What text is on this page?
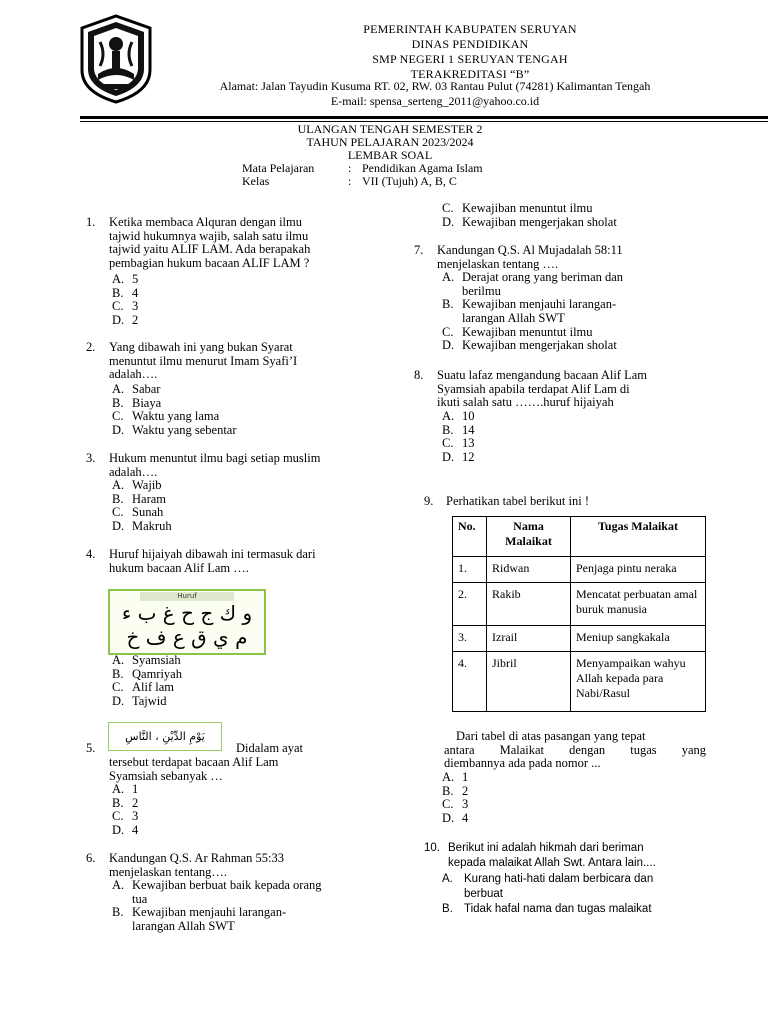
PEMERINTAH KABUPATEN SERUYAN
DINAS PENDIDIKAN
SMP NEGERI 1 SERUYAN TENGAH
TERAKREDITASI “B”
Alamat: Jalan Tayudin Kusuma RT. 02, RW. 03 Rantau Pulut (74281) Kalimantan Tengah
E-mail: spensa_serteng_2011@yahoo.co.id
ULANGAN TENGAH SEMESTER 2
TAHUN PELAJARAN 2023/2024
LEMBAR SOAL
Mata Pelajaran	: Pendidikan Agama Islam
Kelas	: VII (Tujuh) A, B, C
1. Ketika membaca Alquran dengan ilmu
tajwid hukumnya wajib, salah satu ilmu
tajwid yaitu ALIF LAM. Ada berapakah
pembagian hukum bacaan ALIF LAM ?
A. 5
B. 4
C. 3
D. 2
2. Yang dibawah ini yang bukan Syarat
menuntut ilmu menurut Imam Syafi’I
adalah….
A. Sabar
B. Biaya
C. Waktu yang lama
D. Waktu yang sebentar
3. Hukum menuntut ilmu bagi setiap muslim
adalah….
A. Wajib
B. Haram
C. Sunah
D. Makruh
4. Huruf hijaiyah dibawah ini termasuk dari
hukum bacaan Alif Lam ….
Huruf
و ك ج ح غ ب ء
م ي ق ع ف خ
A. Syamsiah
B. Qamriyah
C. Alif lam
D. Tajwid
5.
يَوْمِ الدِّيْنِ ، النَّاسِ
Didalam ayat
tersebut terdapat bacaan Alif Lam
Syamsiah sebanyak …
A. 1
B. 2
C. 3
D. 4
6. Kandungan Q.S. Ar Rahman 55:33
menjelaskan tentang….
A. Kewajiban berbuat baik kepada orang
tua
B. Kewajiban menjauhi larangan-
larangan Allah SWT
C. Kewajiban menuntut ilmu
D. Kewajiban mengerjakan sholat
7. Kandungan Q.S. Al Mujadalah 58:11
menjelaskan tentang ….
A. Derajat orang yang beriman dan
berilmu
B. Kewajiban menjauhi larangan-
larangan Allah SWT
C. Kewajiban menuntut ilmu
D. Kewajiban mengerjakan sholat
8. Suatu lafaz mengandung bacaan Alif Lam
Syamsiah apabila terdapat Alif Lam di
ikuti salah satu …….huruf hijaiyah
A. 10
B. 14
C. 13
D. 12
9. Perhatikan tabel berikut ini !
No.	Nama Malaikat	Tugas Malaikat
1.	Ridwan	Penjaga pintu neraka
2.	Rakib	Mencatat perbuatan amal buruk manusia
3.	Izrail	Meniup sangkakala
4.	Jibril	Menyampaikan wahyu Allah kepada para Nabi/Rasul
Dari tabel di atas pasangan yang tepat
antara Malaikat dengan tugas yang
diembannya ada pada nomor ...
A. 1
B. 2
C. 3
D. 4
10. Berikut ini adalah hikmah dari beriman
kepada malaikat Allah Swt. Antara lain....
A. Kurang hati-hati dalam berbicara dan
berbuat
B. Tidak hafal nama dan tugas malaikat
